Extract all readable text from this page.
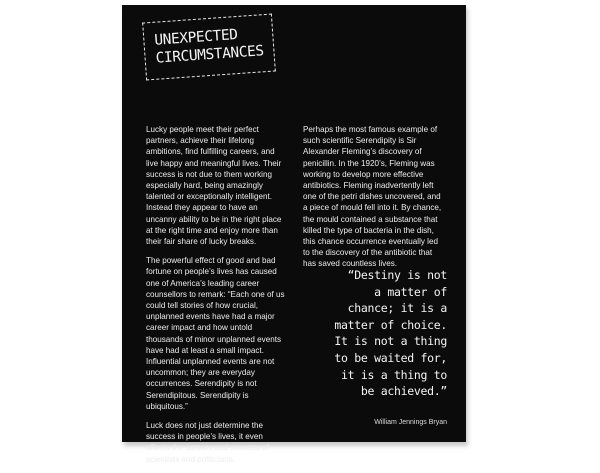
UNEXPECTED
CIRCUMSTANCES

Lucky people meet their perfect partners, achieve their lifelong ambitions, find fulfilling careers, and live happy and meaningful lives. Their success is not due to them working especially hard, being amazingly talented or exceptionally intelligent. Instead they appear to have an uncanny ability to be in the right place at the right time and enjoy more than their fair share of lucky breaks.

The powerful effect of good and bad fortune on people’s lives has caused one of America’s leading career counsellors to remark: “Each one of us could tell stories of how crucial, unplanned events have had a major career impact and how untold thousands of minor unplanned events have had at least a small impact. Influential unplanned events are not uncommon; they are everyday occurrences. Serendipity is not Serendipitous. Serendipity is ubiquitous.”

Luck does not just determine the success in people’s lives, it even affects the careers and success of scientists and politicians.

Perhaps the most famous example of such scientific Serendipity is Sir Alexander Fleming’s discovery of penicillin. In the 1920’s, Fleming was working to develop more effective antibiotics. Fleming inadvertently left one of the petri dishes uncovered, and a piece of mould fell into it. By chance, the mould contained a substance that killed the type of bacteria in the dish, this chance occurrence eventually led to the discovery of the antibiotic that has saved countless lives.

“Destiny is not
a matter of
chance; it is a
matter of choice.
It is not a thing
to be waited for,
it is a thing to
be achieved.”
William Jennings Bryan
